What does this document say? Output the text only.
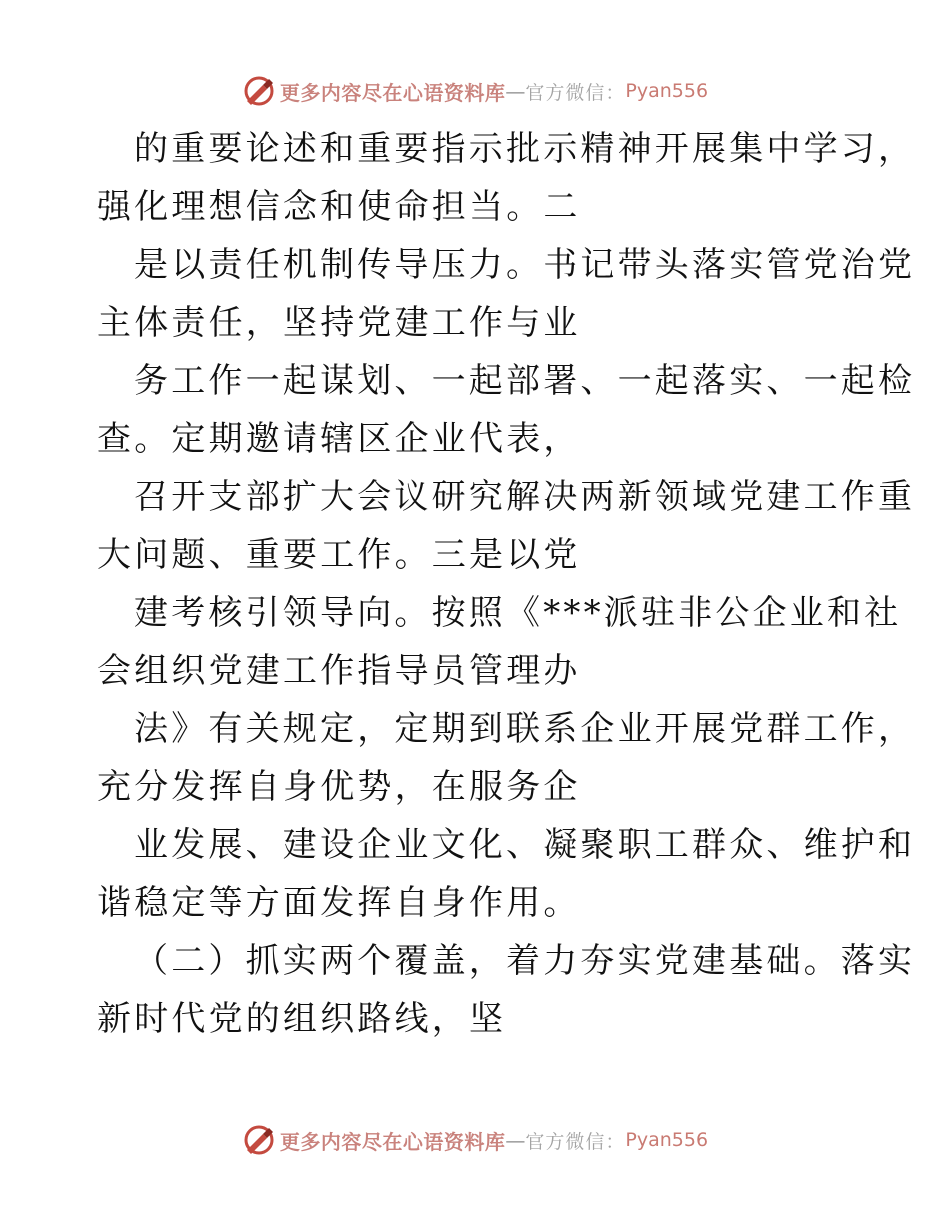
更多内容尽在心语资料库 — 官方微信： Pyan556
的重要论述和重要指示批示精神开展集中学习，
强化理想信念和使命担当。二
是以责任机制传导压力。书记带头落实管党治党
主体责任，坚持党建工作与业
务工作一起谋划、一起部署、一起落实、一起检
查。定期邀请辖区企业代表，
召开支部扩大会议研究解决两新领域党建工作重
大问题、重要工作。三是以党
建考核引领导向。按照《***派驻非公企业和社
会组织党建工作指导员管理办
法》有关规定，定期到联系企业开展党群工作，
充分发挥自身优势，在服务企
业发展、建设企业文化、凝聚职工群众、维护和
谐稳定等方面发挥自身作用。
（二）抓实两个覆盖，着力夯实党建基础。落实
新时代党的组织路线，坚
更多内容尽在心语资料库 — 官方微信： Pyan556
